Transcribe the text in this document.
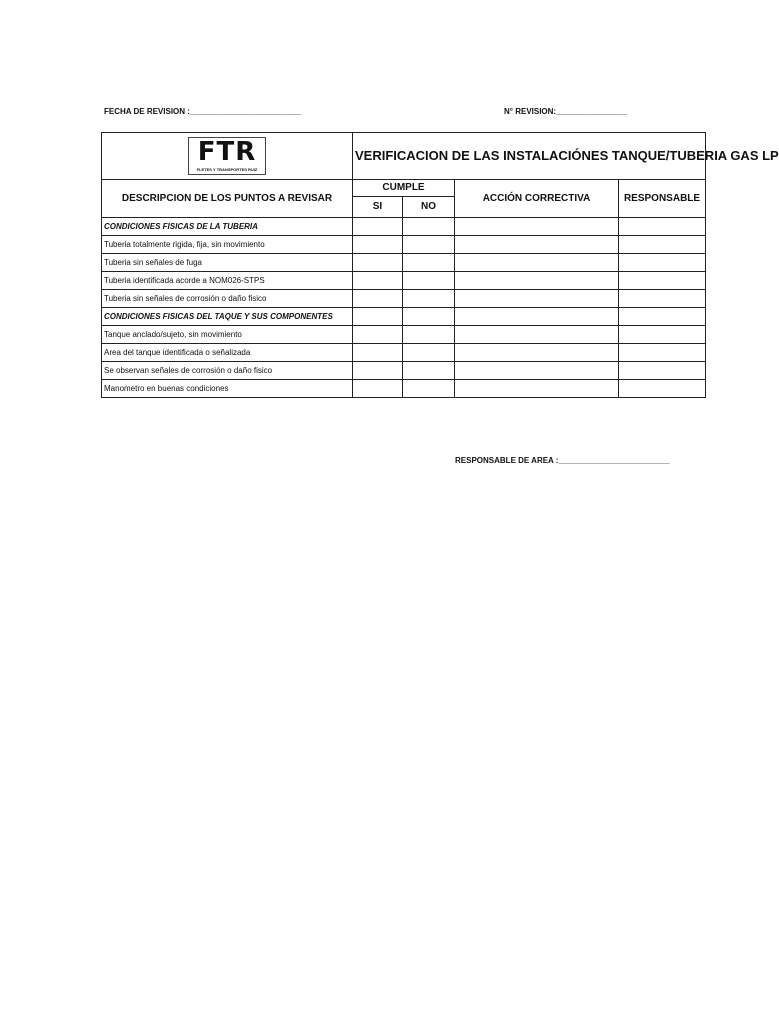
FECHA DE REVISION :_________________________	N° REVISION:________________
FTR
FLETES Y TRANSPORTES RUIZ	VERIFICACION DE LAS INSTALACIÓNES TANQUE/TUBERIA GAS LP			
DESCRIPCION DE LOS PUNTOS A REVISAR	CUMPLE		ACCIÓN CORRECTIVA	RESPONSABLE
	SI	NO		
CONDICIONES FISICAS DE LA TUBERIA				
Tuberia totalmente rigida, fija, sin movimiento				
Tuberia sin señales de fuga				
Tuberia identificada acorde a NOM026-STPS				
Tuberia sin señales de corrosión o daño fisico				
CONDICIONES FISICAS DEL TAQUE Y SUS COMPONENTES				
Tanque anclado/sujeto, sin movimiento				
Area del tanque identificada o señalizada				
Se observan señales de corrosión o daño fisico				
Manometro en buenas condiciones				
RESPONSABLE DE AREA :_________________________
